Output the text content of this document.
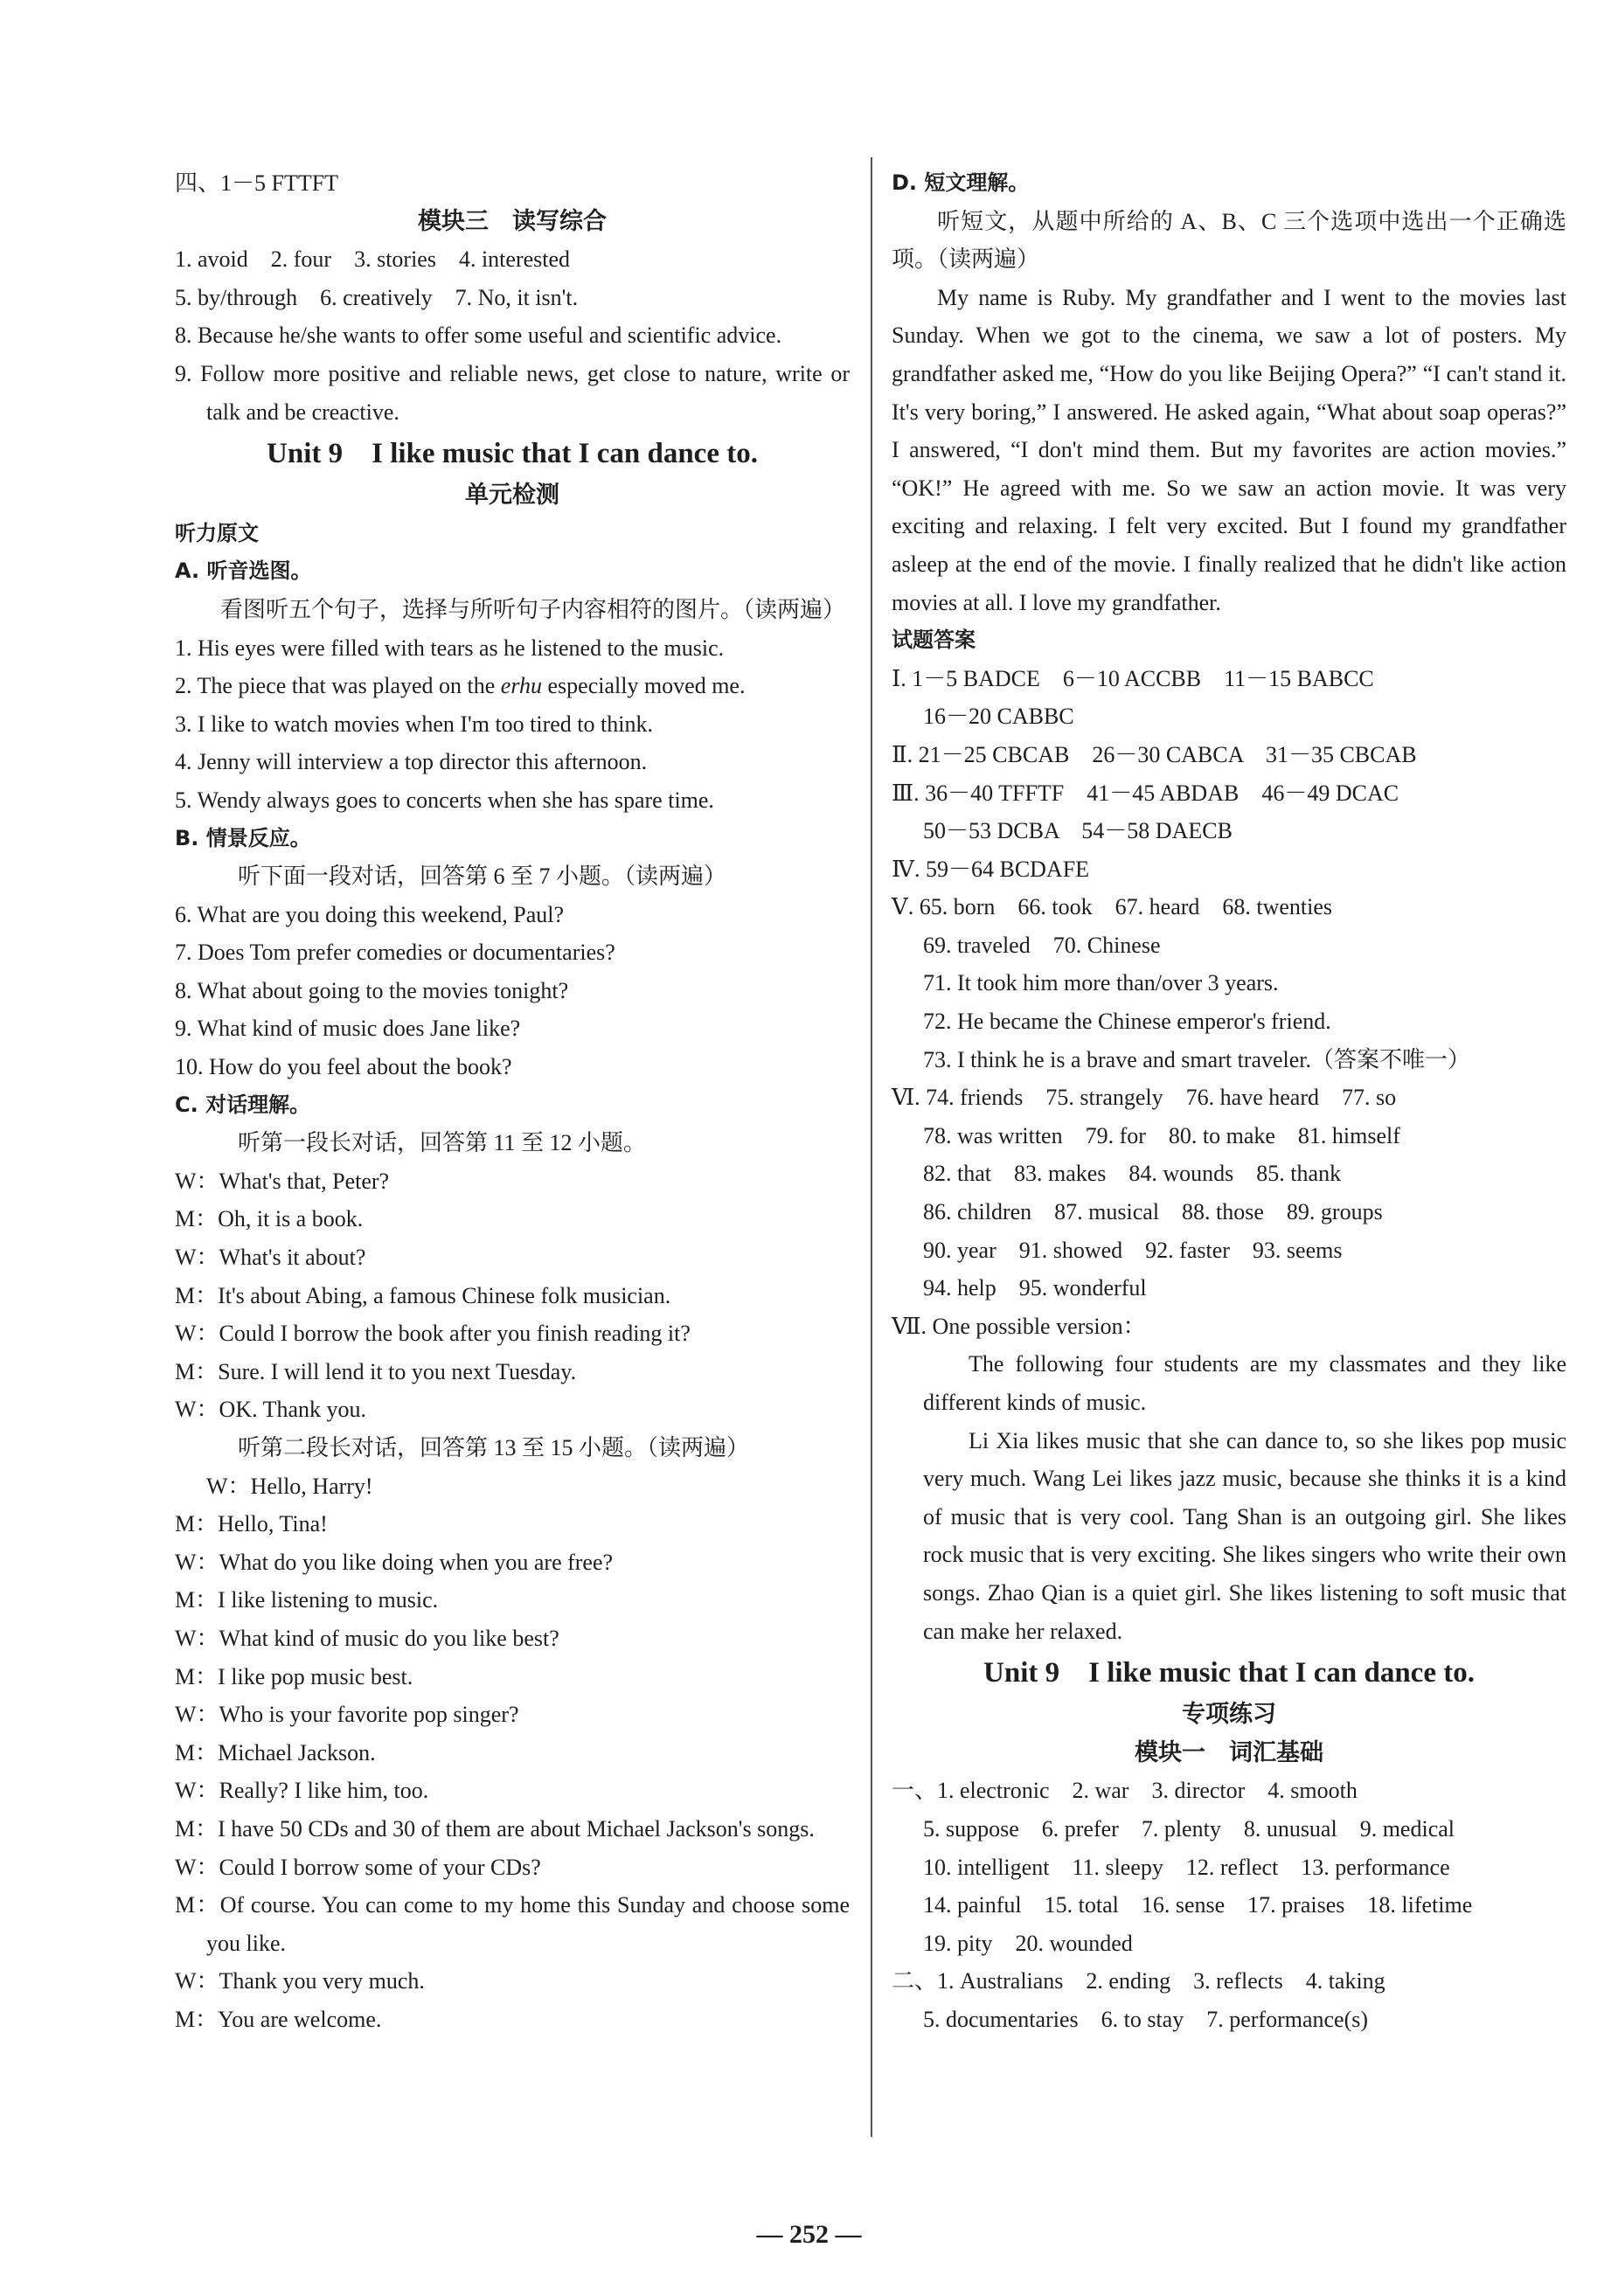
四、1－5 FTTFT
模块三　读写综合
1. avoid　2. four　3. stories　4. interested
5. by/through　6. creatively　7. No, it isn't.
8. Because he/she wants to offer some useful and scientific advice.
9. Follow more positive and reliable news, get close to nature, write or talk and be creactive.
Unit 9　I like music that I can dance to.
单元检测
听力原文
A. 听音选图。
看图听五个句子，选择与所听句子内容相符的图片。（读两遍）
1. His eyes were filled with tears as he listened to the music.
2. The piece that was played on the erhu especially moved me.
3. I like to watch movies when I'm too tired to think.
4. Jenny will interview a top director this afternoon.
5. Wendy always goes to concerts when she has spare time.
B. 情景反应。
听下面一段对话，回答第 6 至 7 小题。（读两遍）
6. What are you doing this weekend, Paul?
7. Does Tom prefer comedies or documentaries?
8. What about going to the movies tonight?
9. What kind of music does Jane like?
10. How do you feel about the book?
C. 对话理解。
听第一段长对话，回答第 11 至 12 小题。
W：What's that, Peter?
M：Oh, it is a book.
W：What's it about?
M：It's about Abing, a famous Chinese folk musician.
W：Could I borrow the book after you finish reading it?
M：Sure. I will lend it to you next Tuesday.
W：OK. Thank you.
听第二段长对话，回答第 13 至 15 小题。（读两遍）
W：Hello, Harry!
M：Hello, Tina!
W：What do you like doing when you are free?
M：I like listening to music.
W：What kind of music do you like best?
M：I like pop music best.
W：Who is your favorite pop singer?
M：Michael Jackson.
W：Really? I like him, too.
M：I have 50 CDs and 30 of them are about Michael Jackson's songs.
W：Could I borrow some of your CDs?
M：Of course. You can come to my home this Sunday and choose some you like.
W：Thank you very much.
M：You are welcome.
D. 短文理解。
听短文，从题中所给的 A、B、C 三个选项中选出一个正确选项。（读两遍）
My name is Ruby. My grandfather and I went to the movies last Sunday. When we got to the cinema, we saw a lot of posters. My grandfather asked me, “How do you like Beijing Opera?” “I can't stand it. It's very boring,” I answered. He asked again, “What about soap operas?” I answered, “I don't mind them. But my favorites are action movies.” “OK!” He agreed with me. So we saw an action movie. It was very exciting and relaxing. I felt very excited. But I found my grandfather asleep at the end of the movie. I finally realized that he didn't like action movies at all. I love my grandfather.
试题答案
Ⅰ. 1－5 BADCE　6－10 ACCBB　11－15 BABCC
16－20 CABBC
Ⅱ. 21－25 CBCAB　26－30 CABCA　31－35 CBCAB
Ⅲ. 36－40 TFFTF　41－45 ABDAB　46－49 DCAC
50－53 DCBA　54－58 DAECB
Ⅳ. 59－64 BCDAFE
Ⅴ. 65. born　66. took　67. heard　68. twenties
69. traveled　70. Chinese
71. It took him more than/over 3 years.
72. He became the Chinese emperor's friend.
73. I think he is a brave and smart traveler.（答案不唯一）
Ⅵ. 74. friends　75. strangely　76. have heard　77. so
78. was written　79. for　80. to make　81. himself
82. that　83. makes　84. wounds　85. thank
86. children　87. musical　88. those　89. groups
90. year　91. showed　92. faster　93. seems
94. help　95. wonderful
Ⅶ. One possible version：
The following four students are my classmates and they like different kinds of music.
Li Xia likes music that she can dance to, so she likes pop music very much. Wang Lei likes jazz music, because she thinks it is a kind of music that is very cool. Tang Shan is an outgoing girl. She likes rock music that is very exciting. She likes singers who write their own songs. Zhao Qian is a quiet girl. She likes listening to soft music that can make her relaxed.
Unit 9　I like music that I can dance to.
专项练习
模块一　词汇基础
一、1. electronic　2. war　3. director　4. smooth
5. suppose　6. prefer　7. plenty　8. unusual　9. medical
10. intelligent　11. sleepy　12. reflect　13. performance
14. painful　15. total　16. sense　17. praises　18. lifetime
19. pity　20. wounded
二、1. Australians　2. ending　3. reflects　4. taking
5. documentaries　6. to stay　7. performance(s)
— 252 —
